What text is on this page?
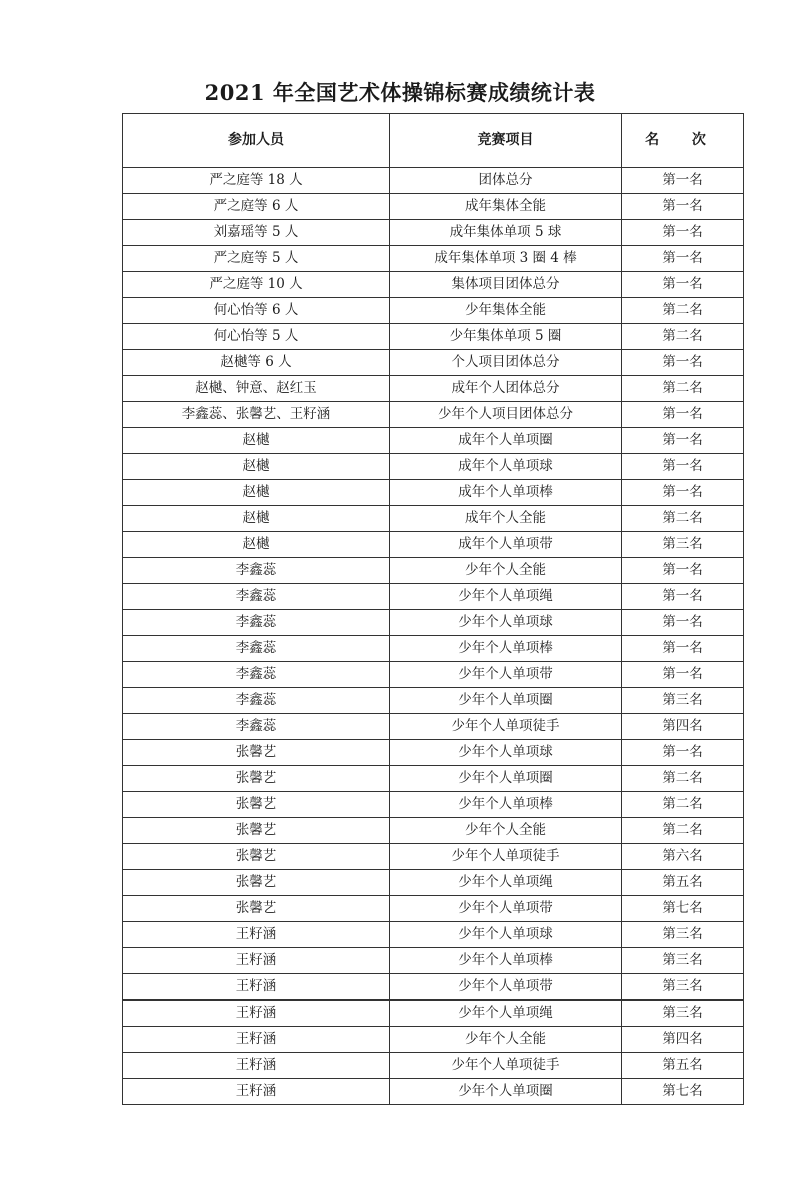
2021 年全国艺术体操锦标赛成绩统计表
参加人员	竞赛项目	名 次
严之庭等 18 人	团体总分	第一名
严之庭等 6 人	成年集体全能	第一名
刘嘉瑶等 5 人	成年集体单项 5 球	第一名
严之庭等 5 人	成年集体单项 3 圈 4 棒	第一名
严之庭等 10 人	集体项目团体总分	第一名
何心怡等 6 人	少年集体全能	第二名
何心怡等 5 人	少年集体单项 5 圈	第二名
赵樾等 6 人	个人项目团体总分	第一名
赵樾、钟意、赵红玉	成年个人团体总分	第二名
李鑫蕊、张馨艺、王籽涵	少年个人项目团体总分	第一名
赵樾	成年个人单项圈	第一名
赵樾	成年个人单项球	第一名
赵樾	成年个人单项棒	第一名
赵樾	成年个人全能	第二名
赵樾	成年个人单项带	第三名
李鑫蕊	少年个人全能	第一名
李鑫蕊	少年个人单项绳	第一名
李鑫蕊	少年个人单项球	第一名
李鑫蕊	少年个人单项棒	第一名
李鑫蕊	少年个人单项带	第一名
李鑫蕊	少年个人单项圈	第三名
李鑫蕊	少年个人单项徒手	第四名
张馨艺	少年个人单项球	第一名
张馨艺	少年个人单项圈	第二名
张馨艺	少年个人单项棒	第二名
张馨艺	少年个人全能	第二名
张馨艺	少年个人单项徒手	第六名
张馨艺	少年个人单项绳	第五名
张馨艺	少年个人单项带	第七名
王籽涵	少年个人单项球	第三名
王籽涵	少年个人单项棒	第三名
王籽涵	少年个人单项带	第三名
王籽涵	少年个人单项绳	第三名
王籽涵	少年个人全能	第四名
王籽涵	少年个人单项徒手	第五名
王籽涵	少年个人单项圈	第七名
